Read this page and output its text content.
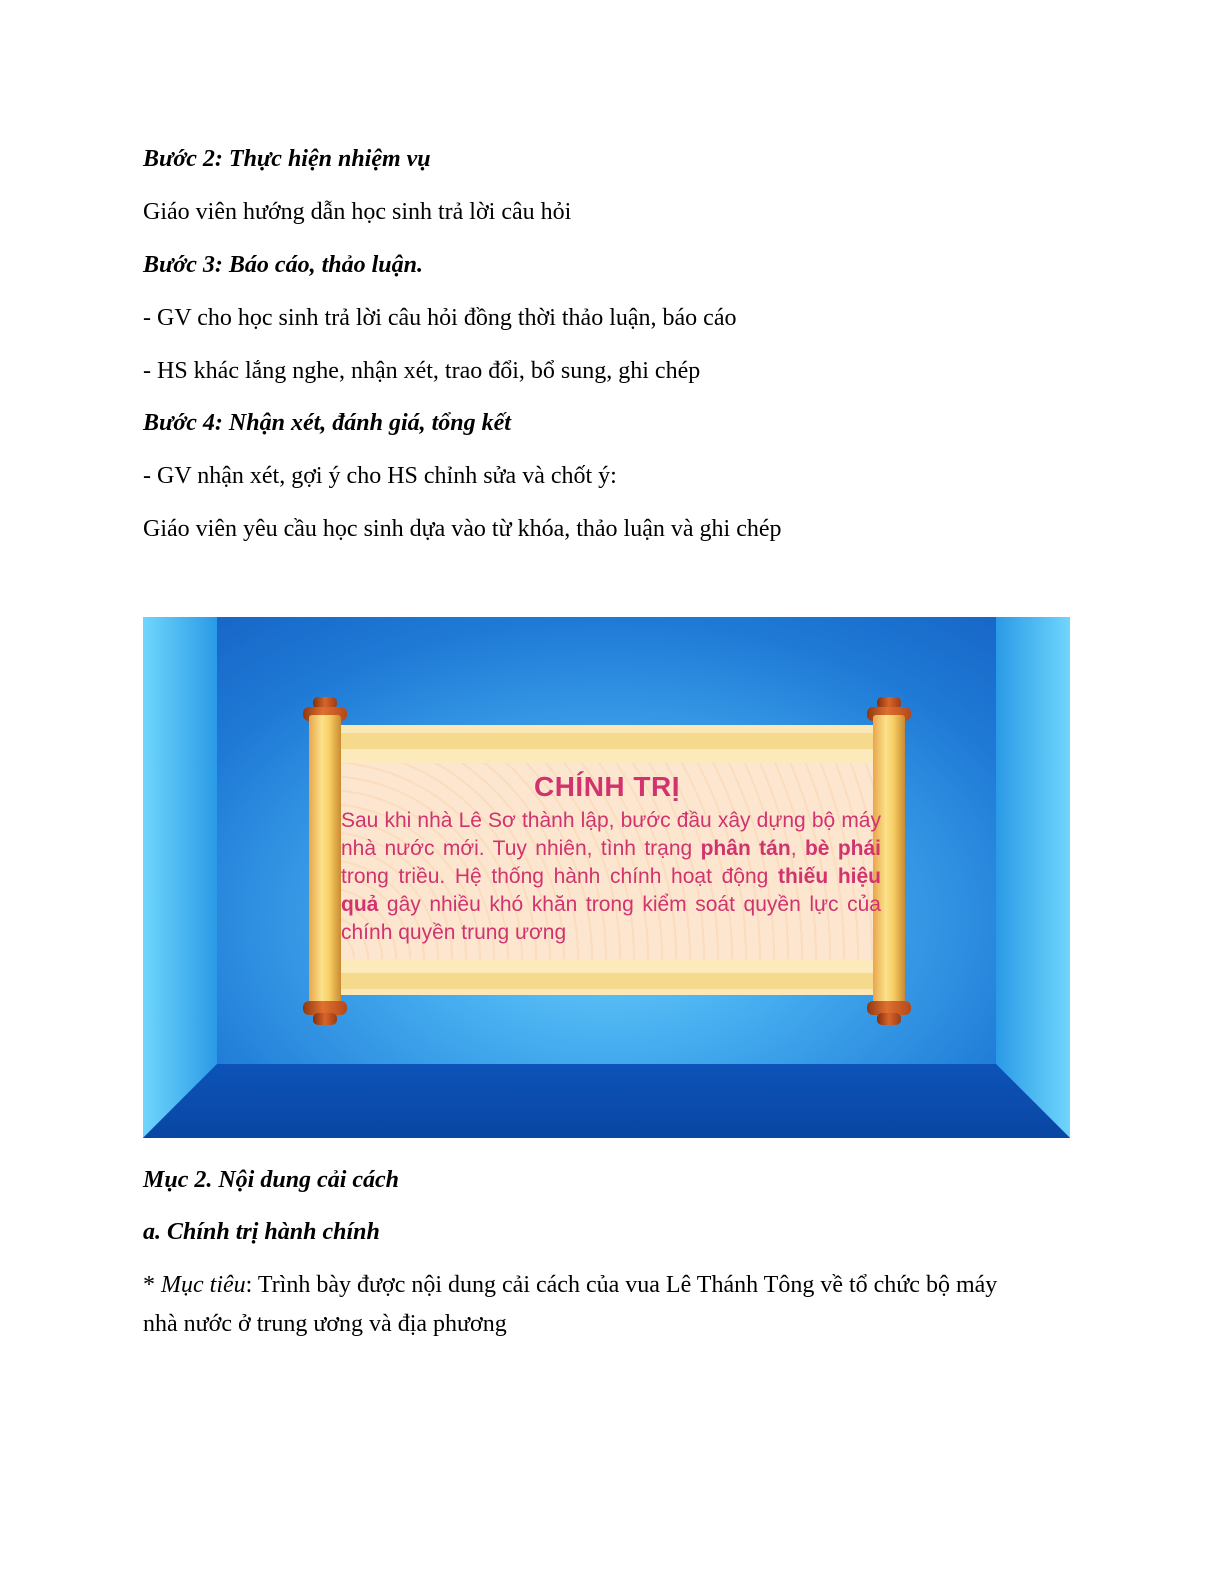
Bước 2: Thực hiện nhiệm vụ
Giáo viên hướng dẫn học sinh trả lời câu hỏi
Bước 3: Báo cáo, thảo luận.
- GV cho học sinh trả lời câu hỏi đồng thời thảo luận, báo cáo
- HS khác lắng nghe, nhận xét, trao đổi, bổ sung, ghi chép
Bước 4: Nhận xét, đánh giá, tổng kết
- GV nhận xét, gợi ý cho HS chỉnh sửa và chốt ý:
Giáo viên yêu cầu học sinh dựa vào từ khóa, thảo luận và ghi chép
CHÍNH TRỊ
Sau khi nhà Lê Sơ thành lập, bước đầu xây dựng bộ máy nhà nước mới. Tuy nhiên, tình trạng phân tán, bè phái trong triều. Hệ thống hành chính hoạt động thiếu hiệu quả gây nhiều khó khăn trong kiểm soát quyền lực của chính quyền trung ương
Mục 2. Nội dung cải cách
a. Chính trị hành chính
* Mục tiêu: Trình bày được nội dung cải cách của vua Lê Thánh Tông về tổ chức bộ máy
nhà nước ở trung ương và địa phương
